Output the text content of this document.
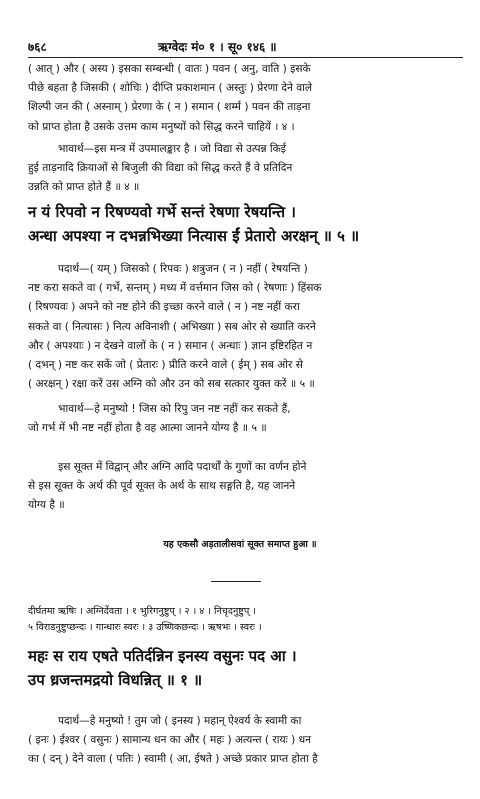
७६८	ऋग्वेदः मं० १ । सू० १४६ ॥

( आत् ) और ( अस्य ) इसका सम्बन्धी ( वातः ) पवन ( अनु, वाति ) इसके

पीछे बहता है जिसकी ( शोचिः ) दीप्ति प्रकाशमान ( अस्तुः ) प्रेरणा देने वाले

शिल्पी जन की ( अस्नाम् ) प्रेरणा के ( न ) समान ( शर्म्म ) पवन की ताड़ना

को प्राप्त होता है उसके उत्तम काम मनुष्यों को सिद्ध करने चाहियें । ४ ।

भावार्थ—इस मन्त्र में उपमालङ्कार है । जो विद्या से उत्पन्न किई

हुई ताड़नादि क्रियाओं से बिजुली की विद्या को सिद्ध करते हैं वे प्रतिदिन

उन्नति को प्राप्त होते हैं ॥ ४ ॥

न यं रिपवो न रिषण्यवो गर्भे सन्तं रेषणा रेषयन्ति ।
अन्धा अपश्या न दभन्नभिख्या नित्यास ईं प्रेतारो अरक्षन् ॥ ५ ॥

पदार्थ—( यम् ) जिसको ( रिपवः ) शत्रुजन ( न ) नहीं ( रेषयन्ति )

नष्ट करा सकते वा ( गर्भे, सन्तम् ) मध्य में वर्त्तमान जिस को ( रेषणाः ) हिंसक

( रिषण्यवः ) अपने को नष्ट होने की इच्छा करने वाले ( न ) नष्ट नहीं करा

सकते वा ( नित्यासः ) नित्य अविनाशी ( अभिख्या ) सब ओर से ख्याति करने

और ( अपश्याः ) न देखने वालों के ( न ) समान ( अन्धाः ) ज्ञान इष्टिरहित न

( दभन् ) नष्ट कर सकें जो ( प्रेतारः ) प्रीति करने वाले ( ईम् ) सब ओर से

( अरक्षन् ) रक्षा करें उस अग्नि को और उन को सब सत्कार युक्त करें ॥ ५ ॥

भावार्थ—हे मनुष्यो ! जिस को रिपु जन नष्ट नहीं कर सकते हैं,

जो गर्भ में भी नष्ट नहीं होता है वह आत्मा जानने योग्य है ॥ ५ ॥

इस सूक्त में विद्वान् और अग्नि आदि पदार्थों के गुणों का वर्णन होने

से इस सूक्त के अर्थ की पूर्व सूक्त के अर्थ के साथ सङ्गति है, यह जानने

योग्य है ॥

यह एकसौ अड़तालीसवां सूक्त समाप्त हुआ ॥
दीर्घतमा ऋषिः । अग्निर्देवता । १ भुरिगनुष्टुप् । २ । ४ । निचृदनुष्टुप् ।
५ विराडनुष्टुप्छन्दः । गान्धारः स्वरः । ३ उष्णिकछन्दः । ऋषभः । स्वरः ।
महः स राय एषते पतिर्दन्निन इनस्य वसुनः पद आ ।
उप ध्रजन्तमद्रयो विधन्नित् ॥ १ ॥

पदार्थ—हे मनुष्यो ! तुम जो ( इनस्य ) महान् ऐश्वर्य के स्वामी का

( इनः ) ईश्वर ( वसुनः ) सामान्य धन का और ( महः ) अत्यन्त ( रायः ) धन

का ( दन् ) देने वाला ( पतिः ) स्वामी ( आ, ईषते ) अच्छे प्रकार प्राप्त होता है
